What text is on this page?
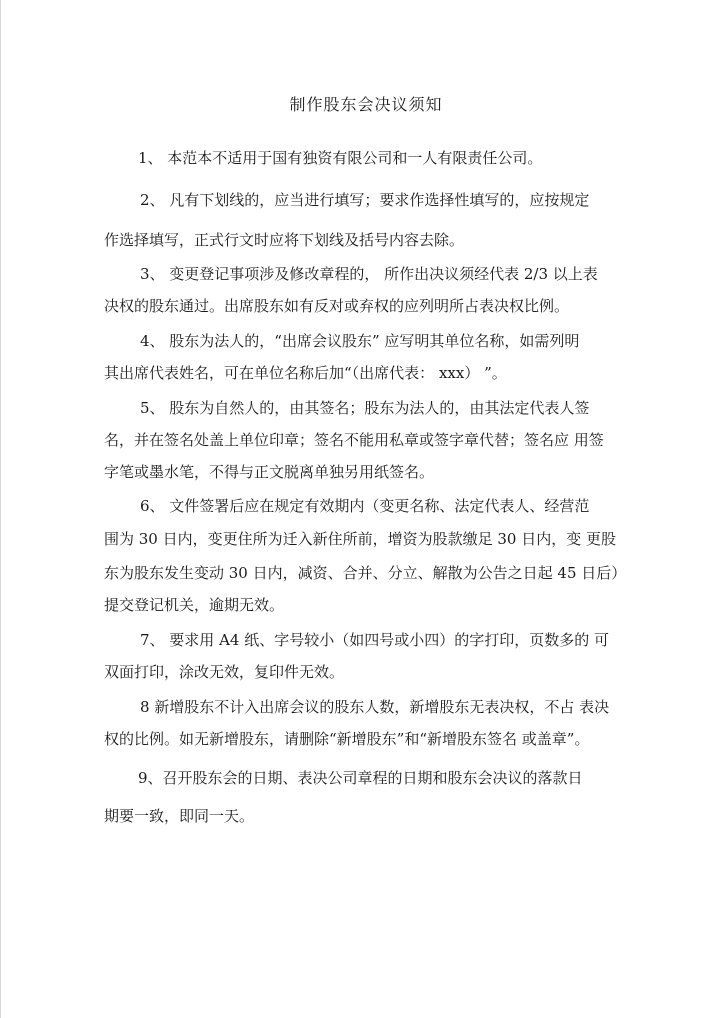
制作股东会决议须知
1、 本范本不适用于国有独资有限公司和一人有限责任公司。
2、 凡有下划线的，应当进行填写；要求作选择性填写的，应按规定
作选择填写，正式行文时应将下划线及括号内容去除。
3、 变更登记事项涉及修改章程的， 所作出决议须经代表 2/3 以上表
决权的股东通过。出席股东如有反对或弃权的应列明所占表决权比例。
4、 股东为法人的，“出席会议股东” 应写明其单位名称，如需列明
其出席代表姓名，可在单位名称后加“（出席代表： xxx） ”。
5、 股东为自然人的，由其签名；股东为法人的，由其法定代表人签
名，并在签名处盖上单位印章；签名不能用私章或签字章代替；签名应 用签
字笔或墨水笔，不得与正文脱离单独另用纸签名。
6、 文件签署后应在规定有效期内（变更名称、法定代表人、经营范
围为 30 日内，变更住所为迁入新住所前，增资为股款缴足 30 日内，变 更股
东为股东发生变动 30 日内，减资、合并、分立、解散为公告之日起 45 日后）
提交登记机关，逾期无效。
7、 要求用 A4 纸、字号较小（如四号或小四）的字打印，页数多的 可
双面打印，涂改无效，复印件无效。
8 新增股东不计入出席会议的股东人数，新增股东无表决权，不占 表决
权的比例。如无新增股东，请删除“新增股东”和“新增股东签名 或盖章”。
9、召开股东会的日期、表决公司章程的日期和股东会决议的落款日
期要一致，即同一天。
